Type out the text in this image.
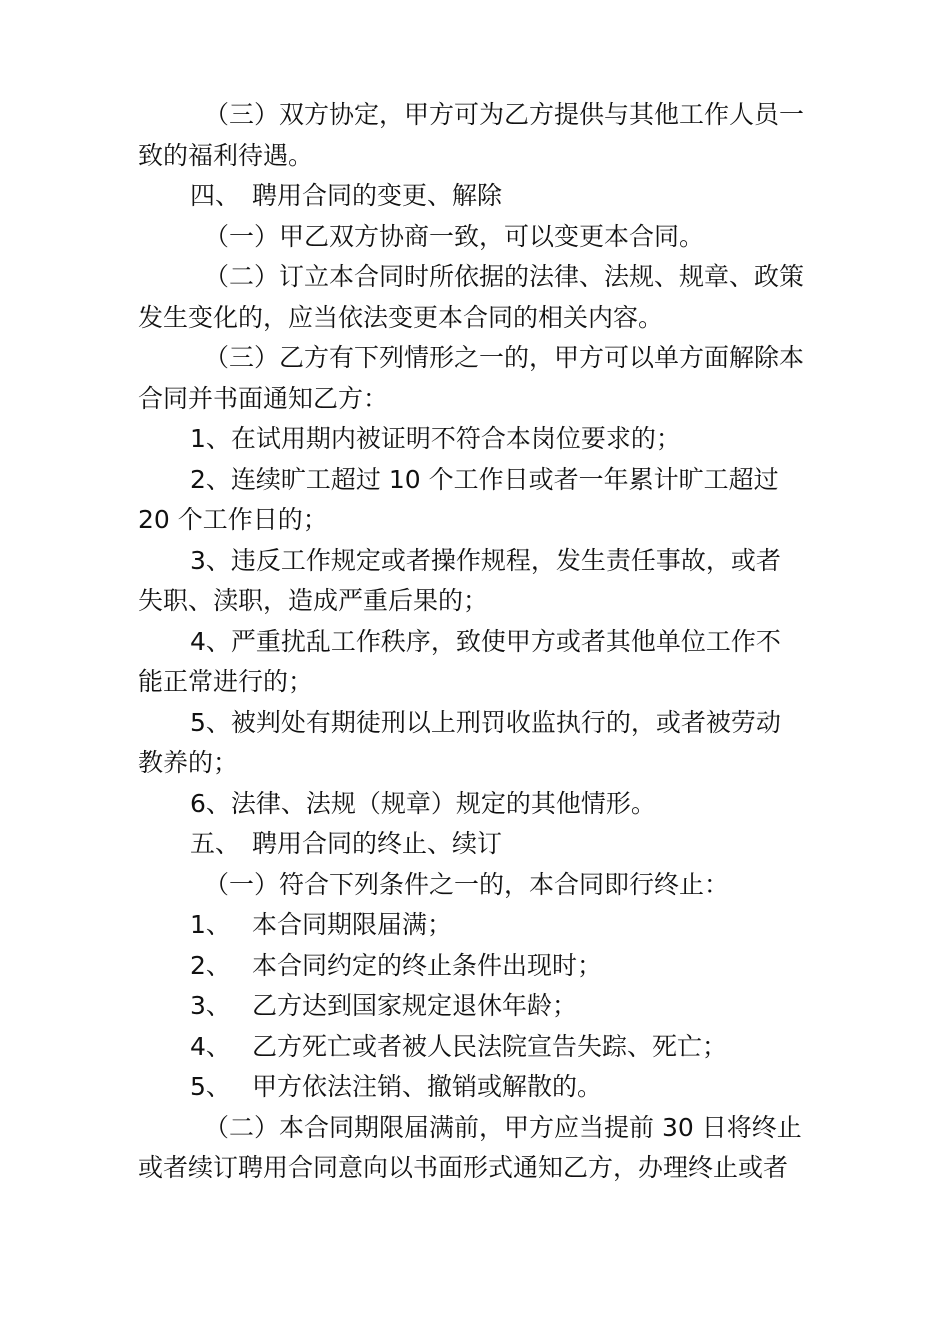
（三）双方协定，甲方可为乙方提供与其他工作人员一
致的福利待遇。
四、 聘用合同的变更、解除
（一）甲乙双方协商一致，可以变更本合同。
（二）订立本合同时所依据的法律、法规、规章、政策
发生变化的，应当依法变更本合同的相关内容。
（三）乙方有下列情形之一的，甲方可以单方面解除本
合同并书面通知乙方：
1、在试用期内被证明不符合本岗位要求的；
2、连续旷工超过 10 个工作日或者一年累计旷工超过
20 个工作日的；
3、违反工作规定或者操作规程，发生责任事故，或者
失职、渎职，造成严重后果的；
4、严重扰乱工作秩序，致使甲方或者其他单位工作不
能正常进行的；
5、被判处有期徒刑以上刑罚收监执行的，或者被劳动
教养的；
6、法律、法规（规章）规定的其他情形。
五、 聘用合同的终止、续订
（一）符合下列条件之一的，本合同即行终止：
1、 本合同期限届满；
2、 本合同约定的终止条件出现时；
3、 乙方达到国家规定退休年龄；
4、 乙方死亡或者被人民法院宣告失踪、死亡；
5、 甲方依法注销、撤销或解散的。
（二）本合同期限届满前，甲方应当提前 30 日将终止
或者续订聘用合同意向以书面形式通知乙方，办理终止或者
